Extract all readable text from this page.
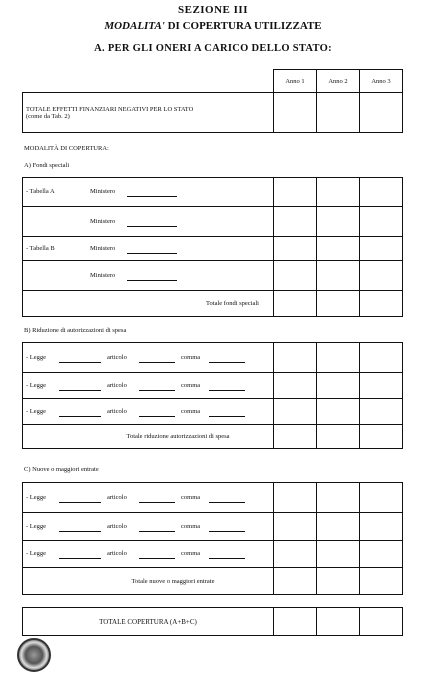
SEZIONE III
MODALITA' DI COPERTURA UTILIZZATE
A. PER GLI ONERI A CARICO DELLO STATO:
	Anno 1	Anno 2	Anno 3

TOTALE EFFETTI FINANZIARI NEGATIVI PER LO STATO
(come da Tab. 2)			

MODALITÀ DI COPERTURA:
A) Fondi speciali
- Tabella A Ministero			

Ministero			

- Tabella B Ministero			

Ministero			

Totale fondi speciali			
B) Riduzione di autorizzazioni di spesa
- Legge articolo comma			

- Legge articolo comma			

- Legge articolo comma			

Totale riduzione autorizzazioni di spesa			
C) Nuove o maggiori entrate
- Legge articolo comma			

- Legge articolo comma			

- Legge articolo comma			

Totale nuove o maggiori entrate			
TOTALE COPERTURA (A+B+C)			
